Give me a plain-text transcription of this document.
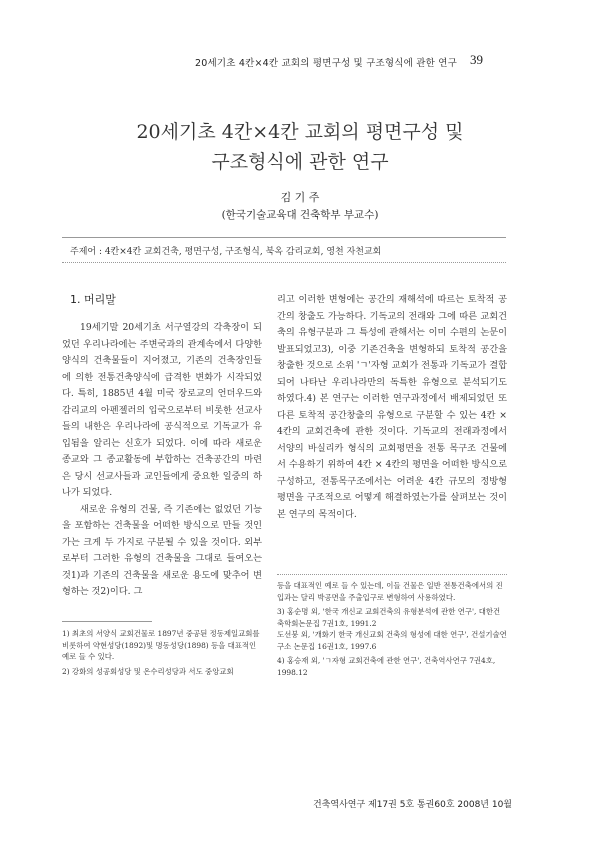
20세기초 4칸×4칸 교회의 평면구성 및 구조형식에 관한 연구 39
20세기초 4칸×4칸 교회의 평면구성 및
구조형식에 관한 연구
김 기 주
(한국기술교육대 건축학부 부교수)
주제어 : 4칸×4칸 교회건축, 평면구성, 구조형식, 북옥 감리교회, 영천 자천교회
1. 머리말

19세기말 20세기초 서구열강의 각축장이 되었던 우리나라에는 주변국과의 관계속에서 다양한 양식의 건축물들이 지어졌고, 기존의 건축장인들에 의한 전통건축양식에 급격한 변화가 시작되었다. 특히, 1885년 4월 미국 장로교의 언더우드와 감리교의 아펜젤러의 입국으로부터 비롯한 선교사들의 내한은 우리나라에 공식적으로 기독교가 유입됨을 알리는 신호가 되었다. 이에 따라 새로운 종교와 그 종교활동에 부합하는 건축공간의 마련은 당시 선교사들과 교인들에게 중요한 일중의 하나가 되었다.

새로운 유형의 건물, 즉 기존에는 없었던 기능을 포함하는 건축물을 어떠한 방식으로 만들 것인가는 크게 두 가지로 구분될 수 있을 것이다. 외부로부터 그러한 유형의 건축물을 그대로 들여오는 것1)과 기존의 건축물을 새로운 용도에 맞추어 변형하는 것2)이다. 그

리고 이러한 변형에는 공간의 재해석에 따르는 토착적 공간의 창출도 가능하다. 기독교의 전래와 그에 따른 교회건축의 유형구분과 그 특성에 관해서는 이미 수편의 논문이 발표되었고3), 이중 기존건축을 변형하되 토착적 공간을 창출한 것으로 소위 'ㄱ'자형 교회가 전통과 기독교가 결합되어 나타난 우리나라만의 독특한 유형으로 분석되기도 하였다.4) 본 연구는 이러한 연구과정에서 배제되었던 또 다른 토착적 공간창출의 유형으로 구분할 수 있는 4칸 × 4칸의 교회건축에 관한 것이다. 기독교의 전래과정에서 서양의 바실리카 형식의 교회평면을 전통 목구조 건물에서 수용하기 위하여 4칸 × 4칸의 평면을 어떠한 방식으로 구성하고, 전통목구조에서는 어려운 4칸 규모의 정방형 평면을 구조적으로 어떻게 해결하였는가를 살펴보는 것이 본 연구의 목적이다.

1) 최초의 서양식 교회건물로 1897년 중공된 정동제일교회를 비롯하여 약현성당(1892)및 명동성당(1898) 등을 대표적인 예로 들 수 있다.

2) 강화의 성공회성당 및 온수리성당과 서도 중앙교회

등을 대표적인 예로 들 수 있는데, 이들 건물은 일반 전통건축에서의 진입과는 달리 박공면을 주출입구로 변형하여 사용하였다.

3) 홍순명 외, '한국 개신교 교회건축의 유형분석에 관한 연구', 대한건축학회논문집 7권1호, 1991.2
도선붕 외, '개화기 한국 개신교회 건축의 형성에 대한 연구', 건설기술연구소 논문집 16권1호, 1997.6

4) 홍승재 외, 'ㄱ자형 교회건축에 관한 연구', 건축역사연구 7권4호, 1998.12

건축역사연구 제17권 5호 통권60호 2008년 10월
